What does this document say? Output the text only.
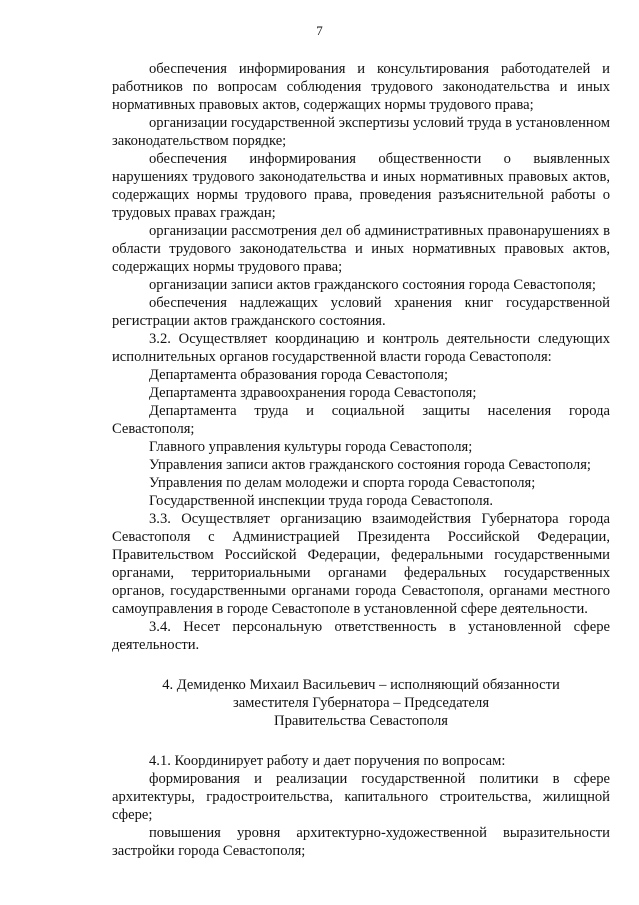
7

обеспечения информирования и консультирования работодателей и работников по вопросам соблюдения трудового законодательства и иных нормативных правовых актов, содержащих нормы трудового права;

организации государственной экспертизы условий труда в установленном законодательством порядке;

обеспечения информирования общественности о выявленных нарушениях трудового законодательства и иных нормативных правовых актов, содержащих нормы трудового права, проведения разъяснительной работы о трудовых правах граждан;

организации рассмотрения дел об административных правонарушениях в области трудового законодательства и иных нормативных правовых актов, содержащих нормы трудового права;

организации записи актов гражданского состояния города Севастополя;

обеспечения надлежащих условий хранения книг государственной регистрации актов гражданского состояния.

3.2. Осуществляет координацию и контроль деятельности следующих исполнительных органов государственной власти города Севастополя:

Департамента образования города Севастополя;

Департамента здравоохранения города Севастополя;

Департамента труда и социальной защиты населения города Севастополя;

Главного управления культуры города Севастополя;

Управления записи актов гражданского состояния города Севастополя;

Управления по делам молодежи и спорта города Севастополя;

Государственной инспекции труда города Севастополя.

3.3. Осуществляет организацию взаимодействия Губернатора города Севастополя с Администрацией Президента Российской Федерации, Правительством Российской Федерации, федеральными государственными органами, территориальными органами федеральных государственных органов, государственными органами города Севастополя, органами местного самоуправления в городе Севастополе в установленной сфере деятельности.

3.4. Несет персональную ответственность в установленной сфере деятельности.

4. Демиденко Михаил Васильевич – исполняющий обязанности
заместителя Губернатора – Председателя
Правительства Севастополя

4.1. Координирует работу и дает поручения по вопросам:

формирования и реализации государственной политики в сфере архитектуры, градостроительства, капитального строительства, жилищной сфере;

повышения уровня архитектурно-художественной выразительности застройки города Севастополя;
